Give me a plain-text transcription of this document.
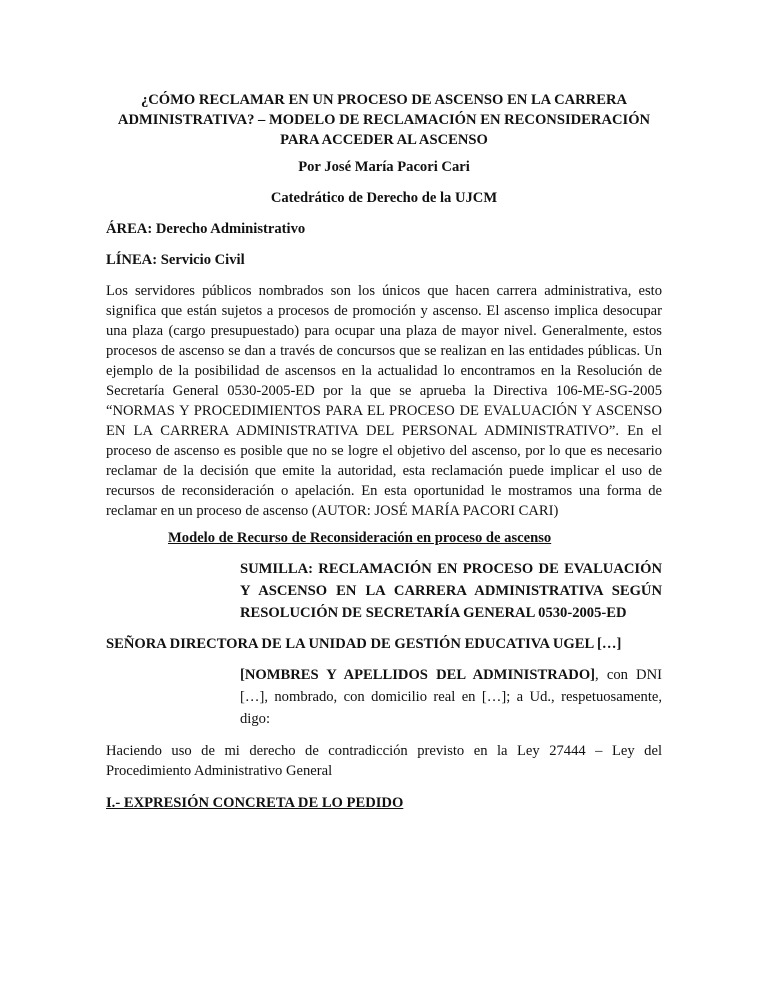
¿CÓMO RECLAMAR EN UN PROCESO DE ASCENSO EN LA CARRERA ADMINISTRATIVA? – MODELO DE RECLAMACIÓN EN RECONSIDERACIÓN PARA ACCEDER AL ASCENSO
Por José María Pacori Cari
Catedrático de Derecho de la UJCM
ÁREA: Derecho Administrativo
LÍNEA: Servicio Civil
Los servidores públicos nombrados son los únicos que hacen carrera administrativa, esto significa que están sujetos a procesos de promoción y ascenso. El ascenso implica desocupar una plaza (cargo presupuestado) para ocupar una plaza de mayor nivel. Generalmente, estos procesos de ascenso se dan a través de concursos que se realizan en las entidades públicas. Un ejemplo de la posibilidad de ascensos en la actualidad lo encontramos en la Resolución de Secretaría General 0530-2005-ED por la que se aprueba la Directiva 106-ME-SG-2005 “NORMAS Y PROCEDIMIENTOS PARA EL PROCESO DE EVALUACIÓN Y ASCENSO EN LA CARRERA ADMINISTRATIVA DEL PERSONAL ADMINISTRATIVO”. En el proceso de ascenso es posible que no se logre el objetivo del ascenso, por lo que es necesario reclamar de la decisión que emite la autoridad, esta reclamación puede implicar el uso de recursos de reconsideración o apelación. En esta oportunidad le mostramos una forma de reclamar en un proceso de ascenso (AUTOR: JOSÉ MARÍA PACORI CARI)
Modelo de Recurso de Reconsideración en proceso de ascenso
SUMILLA: RECLAMACIÓN EN PROCESO DE EVALUACIÓN Y ASCENSO EN LA CARRERA ADMINISTRATIVA SEGÚN RESOLUCIÓN DE SECRETARÍA GENERAL 0530-2005-ED
SEÑORA DIRECTORA DE LA UNIDAD DE GESTIÓN EDUCATIVA UGEL […]
[NOMBRES Y APELLIDOS DEL ADMINISTRADO], con DNI […], nombrado, con domicilio real en […]; a Ud., respetuosamente, digo:
Haciendo uso de mi derecho de contradicción previsto en la Ley 27444 – Ley del Procedimiento Administrativo General
I.- EXPRESIÓN CONCRETA DE LO PEDIDO
